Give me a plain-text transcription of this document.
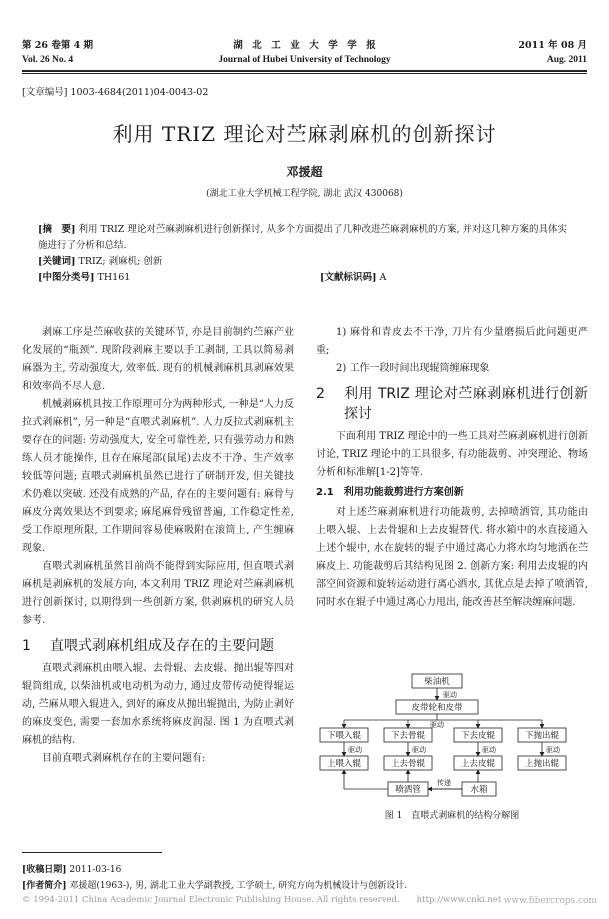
第 26 卷第 4 期	湖　北　工　业　大　学　学　报	2011 年 08 月
Vol. 26 No. 4	Journal of Hubei University of Technology	Aug. 2011
[文章编号] 1003-4684(2011)04-0043-02
利用 TRIZ 理论对苎麻剥麻机的创新探讨
邓援超
(湖北工业大学机械工程学院, 湖北 武汉 430068)
[摘　要] 利用 TRIZ 理论对苎麻剥麻机进行创新探讨, 从多个方面提出了几种改进苎麻剥麻机的方案, 并对这几种方案的具体实施进行了分析和总结.
[关键词] TRIZ; 剥麻机; 创新
[中图分类号] TH161	[文献标识码] A

剥麻工序是苎麻收获的关键环节, 亦是目前制约苎麻产业化发展的“瓶颈”. 现阶段剥麻主要以手工剥制, 工具以简易剥麻器为主, 劳动强度大, 效率低. 现有的机械剥麻机具剥麻效果和效率尚不尽人意.

机械剥麻机具按工作原理可分为两种形式, 一种是“人力反拉式剥麻机”, 另一种是“直喂式剥麻机”. 人力反拉式剥麻机主要存在的问题: 劳动强度大, 安全可靠性差, 只有强劳动力和熟练人员才能操作, 且存在麻尾部(鼠尾)去皮不干净、生产效率较低等问题; 直喂式剥麻机虽然已进行了研制开发, 但关键技术仍难以突破. 还没有成熟的产品, 存在的主要问题有: 麻骨与麻皮分离效果达不到要求; 麻尾麻骨残留普遍, 工作稳定性差, 受工作原理所限, 工作期间容易使麻吸附在滚筒上, 产生缠麻现象.

直喂式剥麻机虽然目前尚不能得到实际应用, 但直喂式剥麻机是剥麻机的发展方向, 本文利用 TRIZ 理论对苎麻剥麻机进行创新探讨, 以期得到一些创新方案, 供剥麻机的研究人员参考.

1	直喂式剥麻机组成及存在的主要问题

直喂式剥麻机由喂入辊、去骨辊、去皮辊、抛出辊等四对辊筒组成, 以柴油机或电动机为动力, 通过皮带传动使得辊运动, 苎麻从喂入辊进入, 到好的麻皮从抛出辊抛出, 为防止剥好的麻皮变色, 需要一套加水系统将麻皮润湿. 图 1 为直喂式剥麻机的结构.

目前直喂式剥麻机存在的主要问题有:

1) 麻骨和青皮去不干净, 刀片有少量磨损后此问题更严重;

2) 工作一段时间出现辊筒缠麻现象

2	利用 TRIZ 理论对苎麻剥麻机进行创新探讨

下面利用 TRIZ 理论中的一些工具对苎麻剥麻机进行创新讨论, TRIZ 理论中的工具很多, 有功能裁剪、冲突理论、物场分析和标准解[1-2]等等.

2.1　利用功能裁剪进行方案创新

对上述苎麻剥麻机进行功能裁剪, 去掉喷洒管, 其功能由上喂入辊、上去骨辊和上去皮辊替代. 将水箱中的水直接通入上述个辊中, 水在旋转的辊子中通过离心力将水均匀地洒在苎麻皮上. 功能裁剪后其结构见图 2. 创新方案: 利用去皮辊的内部空间资源和旋转运动进行离心洒水, 其优点是去掉了喷洒管, 同时水在辊子中通过离心力甩出, 能改善甚至解决缠麻问题.

柴油机
驱动
皮带轮和皮带
驱动
下喂入辊	下去骨辊	下去皮辊	下抛出辊
驱动	驱动	驱动	驱动
上喂入辊	上去骨辊	上去皮辊	上抛出辊
喷洒管	水箱
传递
图 1　直喂式剥麻机的结构分解图
[收稿日期] 2011-03-16
[作者简介] 邓援超(1963-), 男, 湖北工业大学副教授, 工学硕士, 研究方向为机械设计与创新设计.
© 1994-2011 China Academic Journal Electronic Publishing House. All rights reserved.　　http://www.cnki.net www.fibercrops.com
